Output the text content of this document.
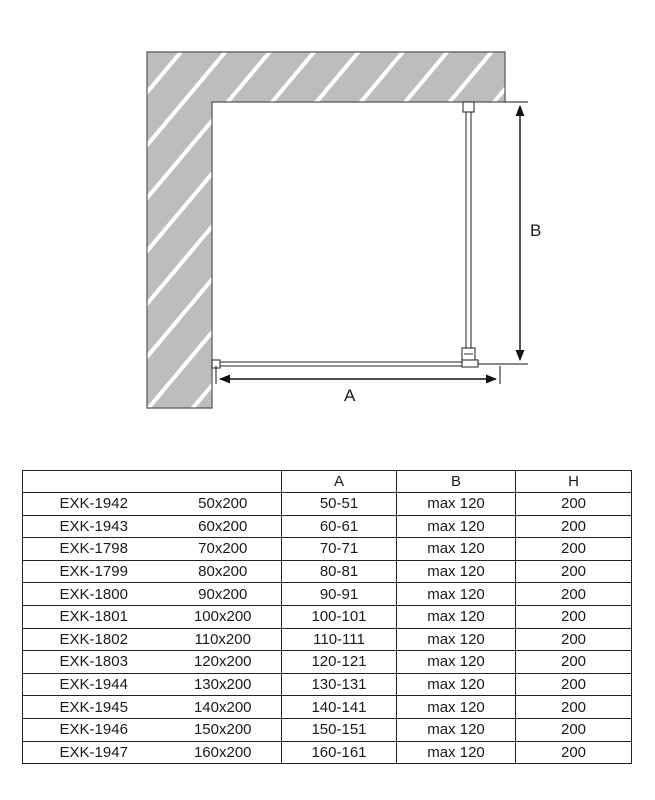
B
A
		A	B	H
EXK-1942	50x200	50-51	max 120	200
EXK-1943	60x200	60-61	max 120	200
EXK-1798	70x200	70-71	max 120	200
EXK-1799	80x200	80-81	max 120	200
EXK-1800	90x200	90-91	max 120	200
EXK-1801	100x200	100-101	max 120	200
EXK-1802	110x200	110-111	max 120	200
EXK-1803	120x200	120-121	max 120	200
EXK-1944	130x200	130-131	max 120	200
EXK-1945	140x200	140-141	max 120	200
EXK-1946	150x200	150-151	max 120	200
EXK-1947	160x200	160-161	max 120	200
